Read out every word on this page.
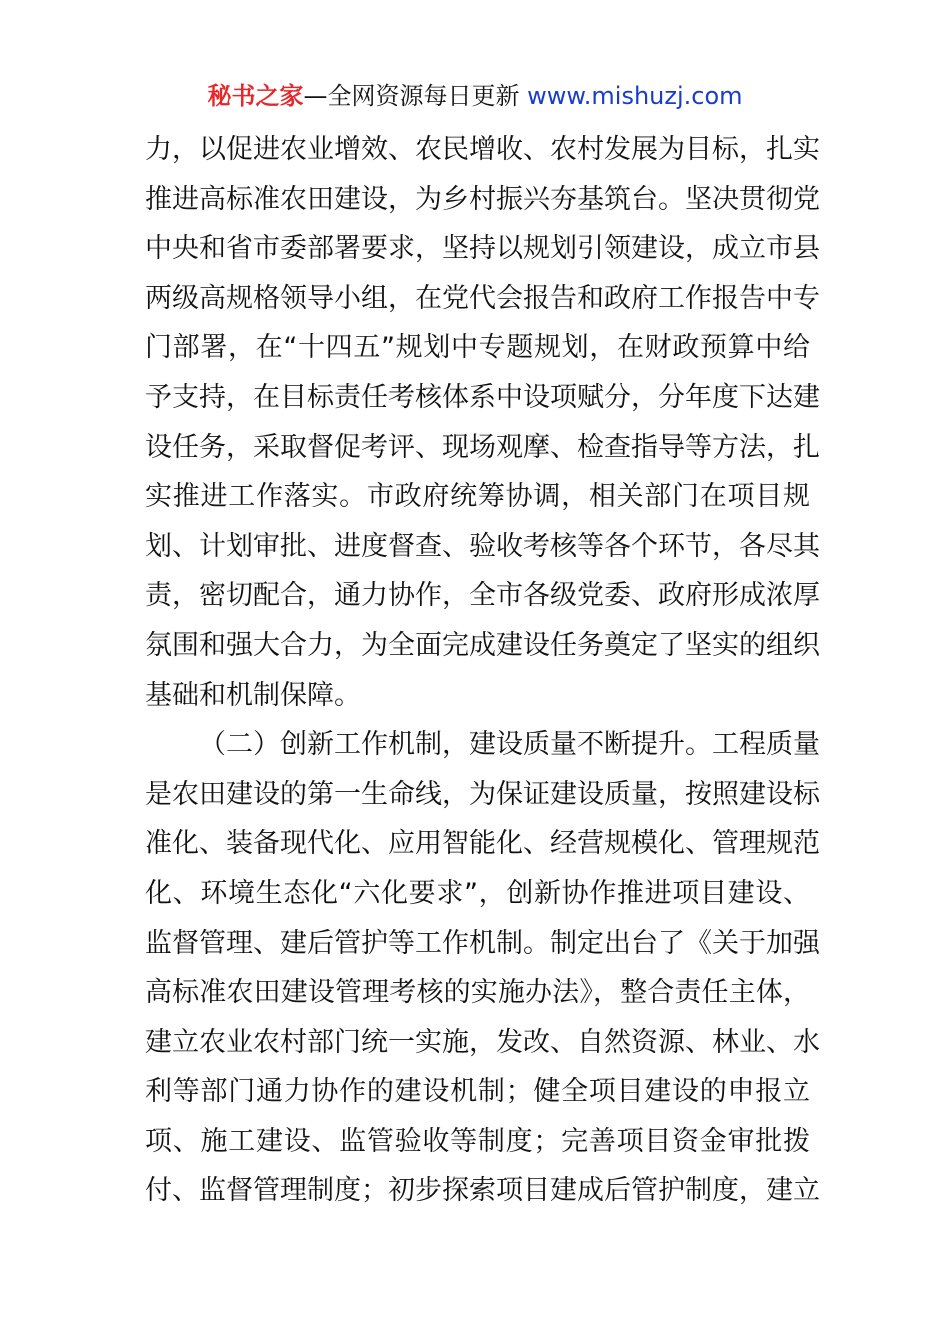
秘书之家—全网资源每日更新 www.mishuzj.com
力，以促进农业增效、农民增收、农村发展为目标，扎实
推进高标准农田建设，为乡村振兴夯基筑台。坚决贯彻党
中央和省市委部署要求，坚持以规划引领建设，成立市县
两级高规格领导小组，在党代会报告和政府工作报告中专
门部署，在“十四五”规划中专题规划，在财政预算中给
予支持，在目标责任考核体系中设项赋分，分年度下达建
设任务，采取督促考评、现场观摩、检查指导等方法，扎
实推进工作落实。市政府统筹协调，相关部门在项目规
划、计划审批、进度督查、验收考核等各个环节，各尽其
责，密切配合，通力协作，全市各级党委、政府形成浓厚
氛围和强大合力，为全面完成建设任务奠定了坚实的组织
基础和机制保障。
（二）创新工作机制，建设质量不断提升。工程质量
是农田建设的第一生命线，为保证建设质量，按照建设标
准化、装备现代化、应用智能化、经营规模化、管理规范
化、环境生态化“六化要求”，创新协作推进项目建设、
监督管理、建后管护等工作机制。制定出台了《关于加强
高标准农田建设管理考核的实施办法》，整合责任主体，
建立农业农村部门统一实施，发改、自然资源、林业、水
利等部门通力协作的建设机制；健全项目建设的申报立
项、施工建设、监管验收等制度；完善项目资金审批拨
付、监督管理制度；初步探索项目建成后管护制度，建立
